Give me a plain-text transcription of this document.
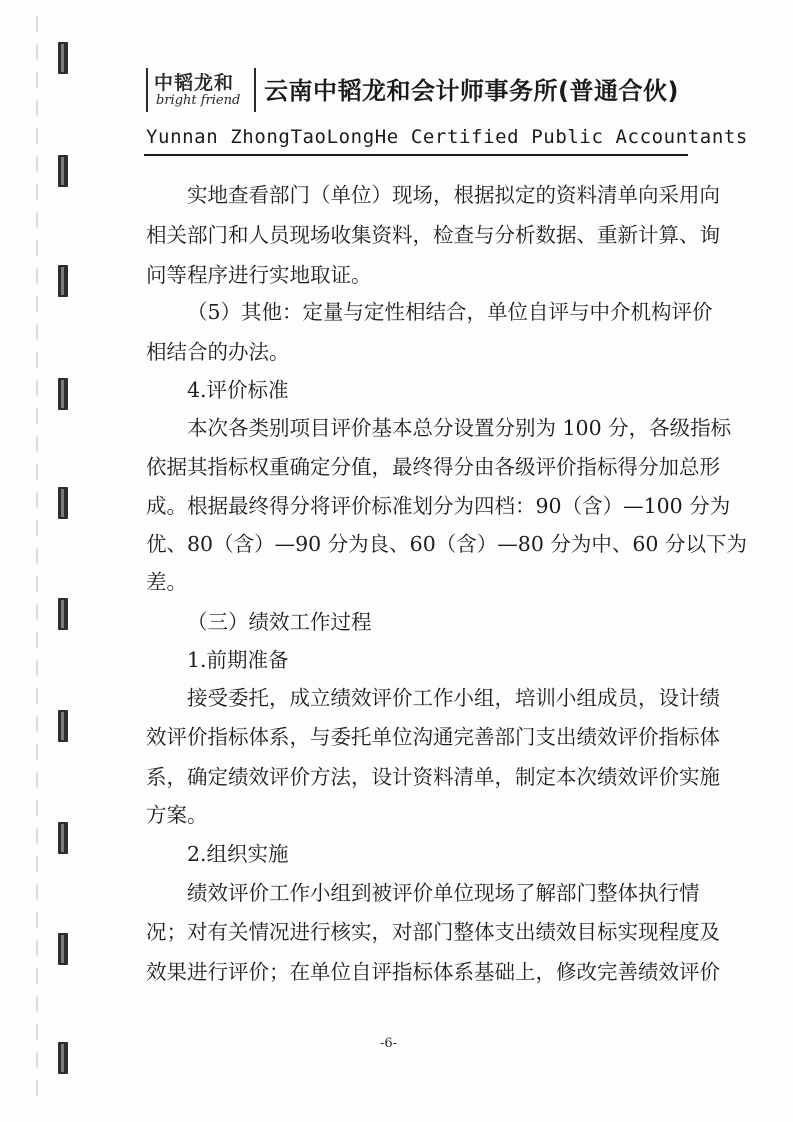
中韬龙和
bright friend 云南中韬龙和会计师事务所(普通合伙)
Yunnan ZhongTaoLongHe Certified Public Accountants
实地查看部门（单位）现场，根据拟定的资料清单向采用向
相关部门和人员现场收集资料，检查与分析数据、重新计算、询
问等程序进行实地取证。
（5）其他：定量与定性相结合，单位自评与中介机构评价
相结合的办法。
4.评价标准
本次各类别项目评价基本总分设置分别为 100 分，各级指标
依据其指标权重确定分值，最终得分由各级评价指标得分加总形
成。根据最终得分将评价标准划分为四档：90（含）—100 分为
优、80（含）—90 分为良、60（含）—80 分为中、60 分以下为
差。
（三）绩效工作过程
1.前期准备
接受委托，成立绩效评价工作小组，培训小组成员，设计绩
效评价指标体系，与委托单位沟通完善部门支出绩效评价指标体
系，确定绩效评价方法，设计资料清单，制定本次绩效评价实施
方案。
2.组织实施
绩效评价工作小组到被评价单位现场了解部门整体执行情
况；对有关情况进行核实，对部门整体支出绩效目标实现程度及
效果进行评价；在单位自评指标体系基础上，修改完善绩效评价
-6-
